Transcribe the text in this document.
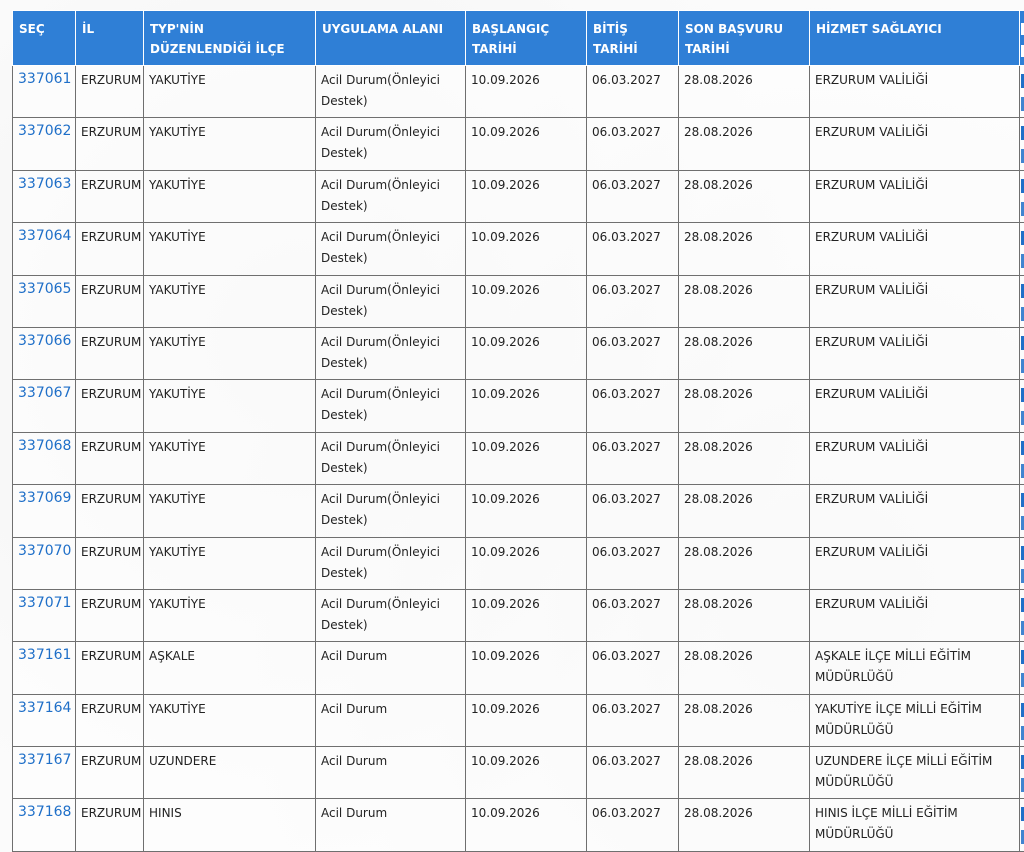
SEÇ	İL	TYP'NİN DÜZENLENDİĞİ İLÇE	UYGULAMA ALANI	BAŞLANGIÇ TARİHİ	BİTİŞ TARİHİ	SON BAŞVURU TARİHİ	HİZMET SAĞLAYICI	

337061	ERZURUM	YAKUTİYE	Acil Durum(Önleyici Destek)	10.09.2026	06.03.2027	28.08.2026	ERZURUM VALİLİĞİ	

337062	ERZURUM	YAKUTİYE	Acil Durum(Önleyici Destek)	10.09.2026	06.03.2027	28.08.2026	ERZURUM VALİLİĞİ	

337063	ERZURUM	YAKUTİYE	Acil Durum(Önleyici Destek)	10.09.2026	06.03.2027	28.08.2026	ERZURUM VALİLİĞİ	

337064	ERZURUM	YAKUTİYE	Acil Durum(Önleyici Destek)	10.09.2026	06.03.2027	28.08.2026	ERZURUM VALİLİĞİ	

337065	ERZURUM	YAKUTİYE	Acil Durum(Önleyici Destek)	10.09.2026	06.03.2027	28.08.2026	ERZURUM VALİLİĞİ	

337066	ERZURUM	YAKUTİYE	Acil Durum(Önleyici Destek)	10.09.2026	06.03.2027	28.08.2026	ERZURUM VALİLİĞİ	

337067	ERZURUM	YAKUTİYE	Acil Durum(Önleyici Destek)	10.09.2026	06.03.2027	28.08.2026	ERZURUM VALİLİĞİ	

337068	ERZURUM	YAKUTİYE	Acil Durum(Önleyici Destek)	10.09.2026	06.03.2027	28.08.2026	ERZURUM VALİLİĞİ	

337069	ERZURUM	YAKUTİYE	Acil Durum(Önleyici Destek)	10.09.2026	06.03.2027	28.08.2026	ERZURUM VALİLİĞİ	

337070	ERZURUM	YAKUTİYE	Acil Durum(Önleyici Destek)	10.09.2026	06.03.2027	28.08.2026	ERZURUM VALİLİĞİ	

337071	ERZURUM	YAKUTİYE	Acil Durum(Önleyici Destek)	10.09.2026	06.03.2027	28.08.2026	ERZURUM VALİLİĞİ	

337161	ERZURUM	AŞKALE	Acil Durum	10.09.2026	06.03.2027	28.08.2026	AŞKALE İLÇE MİLLİ EĞİTİM MÜDÜRLÜĞÜ	

337164	ERZURUM	YAKUTİYE	Acil Durum	10.09.2026	06.03.2027	28.08.2026	YAKUTİYE İLÇE MİLLİ EĞİTİM MÜDÜRLÜĞÜ	

337167	ERZURUM	UZUNDERE	Acil Durum	10.09.2026	06.03.2027	28.08.2026	UZUNDERE İLÇE MİLLİ EĞİTİM MÜDÜRLÜĞÜ	

337168	ERZURUM	HINIS	Acil Durum	10.09.2026	06.03.2027	28.08.2026	HINIS İLÇE MİLLİ EĞİTİM MÜDÜRLÜĞÜ	
